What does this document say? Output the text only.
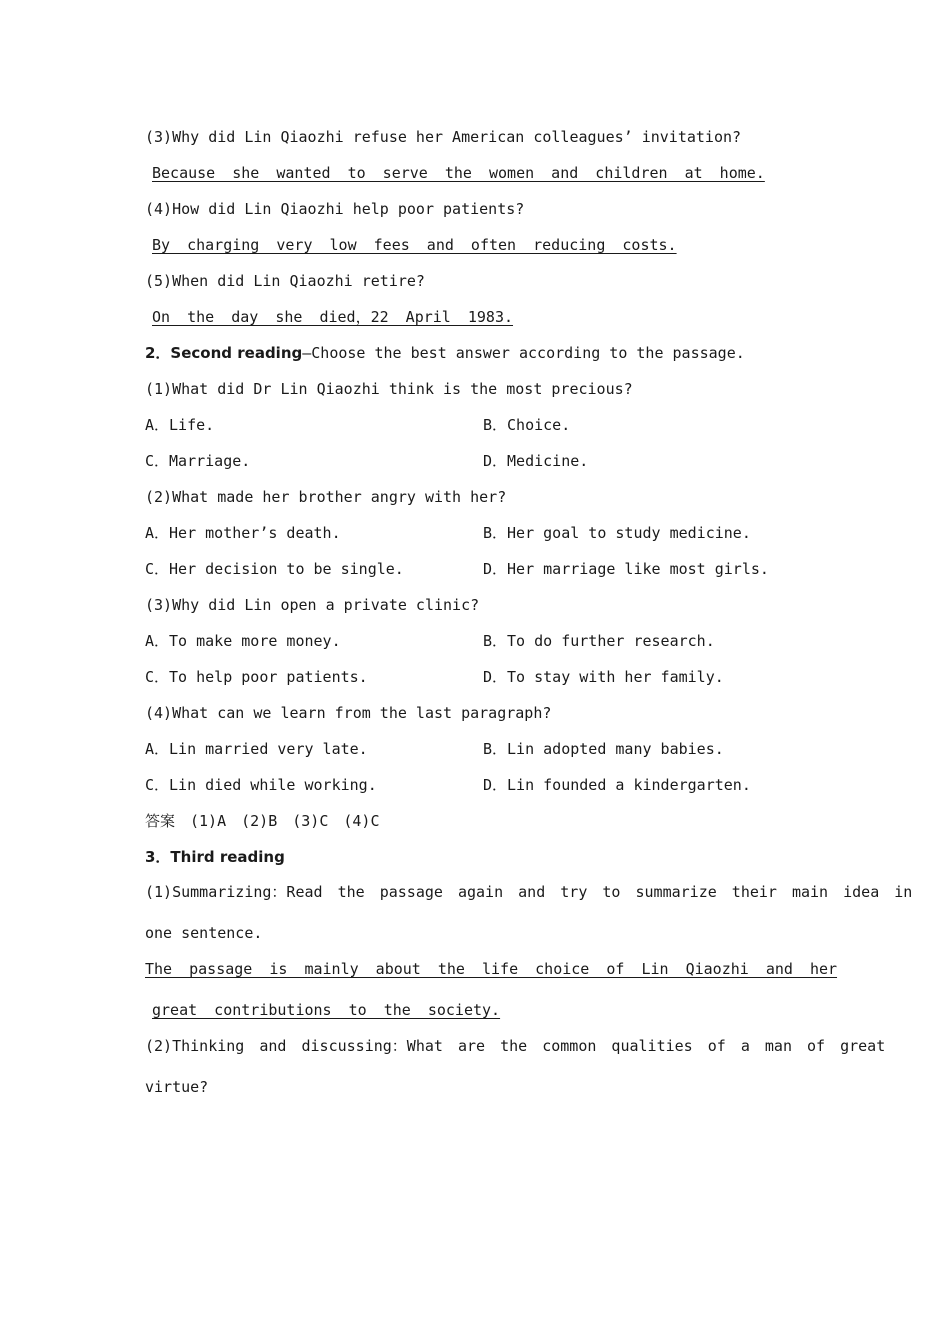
(3)Why did Lin Qiaozhi refuse her American colleagues’ invitation?
Because she wanted to serve the women and children at home.
(4)How did Lin Qiaozhi help poor patients?
By charging very low fees and often reducing costs.
(5)When did Lin Qiaozhi retire?
On the day she died，22 April 1983.
2．Second reading—Choose the best answer according to the passage.
(1)What did Dr Lin Qiaozhi think is the most precious?
A．Life.	B．Choice.
C．Marriage.	D．Medicine.
(2)What made her brother angry with her?
A．Her mother’s death.	B．Her goal to study medicine.
C．Her decision to be single.	D．Her marriage like most girls.
(3)Why did Lin open a private clinic?
A．To make more money.	B．To do further research.
C．To help poor patients.	D．To stay with her family.
(4)What can we learn from the last paragraph?
A．Lin married very late.	B．Lin adopted many babies.
C．Lin died while working.	D．Lin founded a kindergarten.
答案　(1)A　(2)B　(3)C　(4)C
3．Third reading
(1)Summarizing：Read the passage again and try to summarize their main idea in
one sentence.
The passage is mainly about the life choice of Lin Qiaozhi and her
great contributions to the society.
(2)Thinking and discussing：What are the common qualities of a man of great
virtue?
